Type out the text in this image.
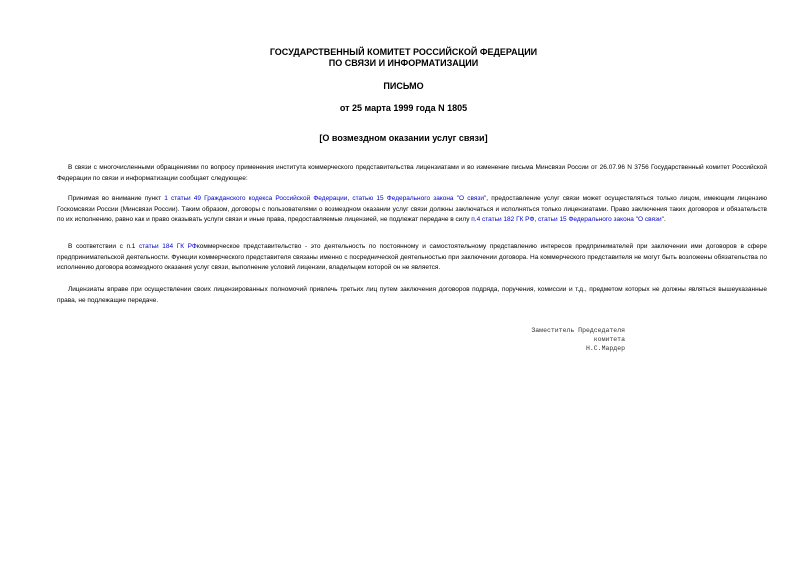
ГОСУДАРСТВЕННЫЙ КОМИТЕТ РОССИЙСКОЙ ФЕДЕРАЦИИ
ПО СВЯЗИ И ИНФОРМАТИЗАЦИИ
ПИСЬМО
от 25 марта 1999 года N 1805
[О возмездном оказании услуг связи]

В связи с многочисленными обращениями по вопросу применения института коммерческого представительства лицензиатами и во изменение письма Минсвязи России от 26.07.96 N 3756 Государственный комитет Российской Федерации по связи и информатизации сообщает следующее:

Принимая во внимание пункт 1 статьи 49 Гражданского кодекса Российской Федерации, статью 15 Федерального закона "О связи", предоставление услуг связи может осуществляться только лицом, имеющим лицензию Госкомсвязи России (Минсвязи России). Таким образом, договоры с пользователями о возмездном оказании услуг связи должны заключаться и исполняться только лицензиатами. Право заключения таких договоров и обязательств по их исполнению, равно как и право оказывать услуги связи и иные права, предоставляемые лицензией, не подлежат передаче в силу п.4 статьи 182 ГК РФ, статьи 15 Федерального закона "О связи".

В соответствии с п.1 статьи 184 ГК РФкоммерческое представительство - это деятельность по постоянному и самостоятельному представлению интересов предпринимателей при заключении ими договоров в сфере предпринимательской деятельности. Функции коммерческого представителя связаны именно с посреднической деятельностью при заключении договора. На коммерческого представителя не могут быть возложены обязательства по исполнению договора возмездного оказания услуг связи, выполнение условий лицензии, владельцем которой он не является.

Лицензиаты вправе при осуществлении своих лицензированных полномочий привлечь третьих лиц путем заключения договоров подряда, поручения, комиссии и т.д., предметом которых не должны являться вышеуказанные права, не подлежащие передаче.

Заместитель Председателя
комитета
Н.С.Мардер
